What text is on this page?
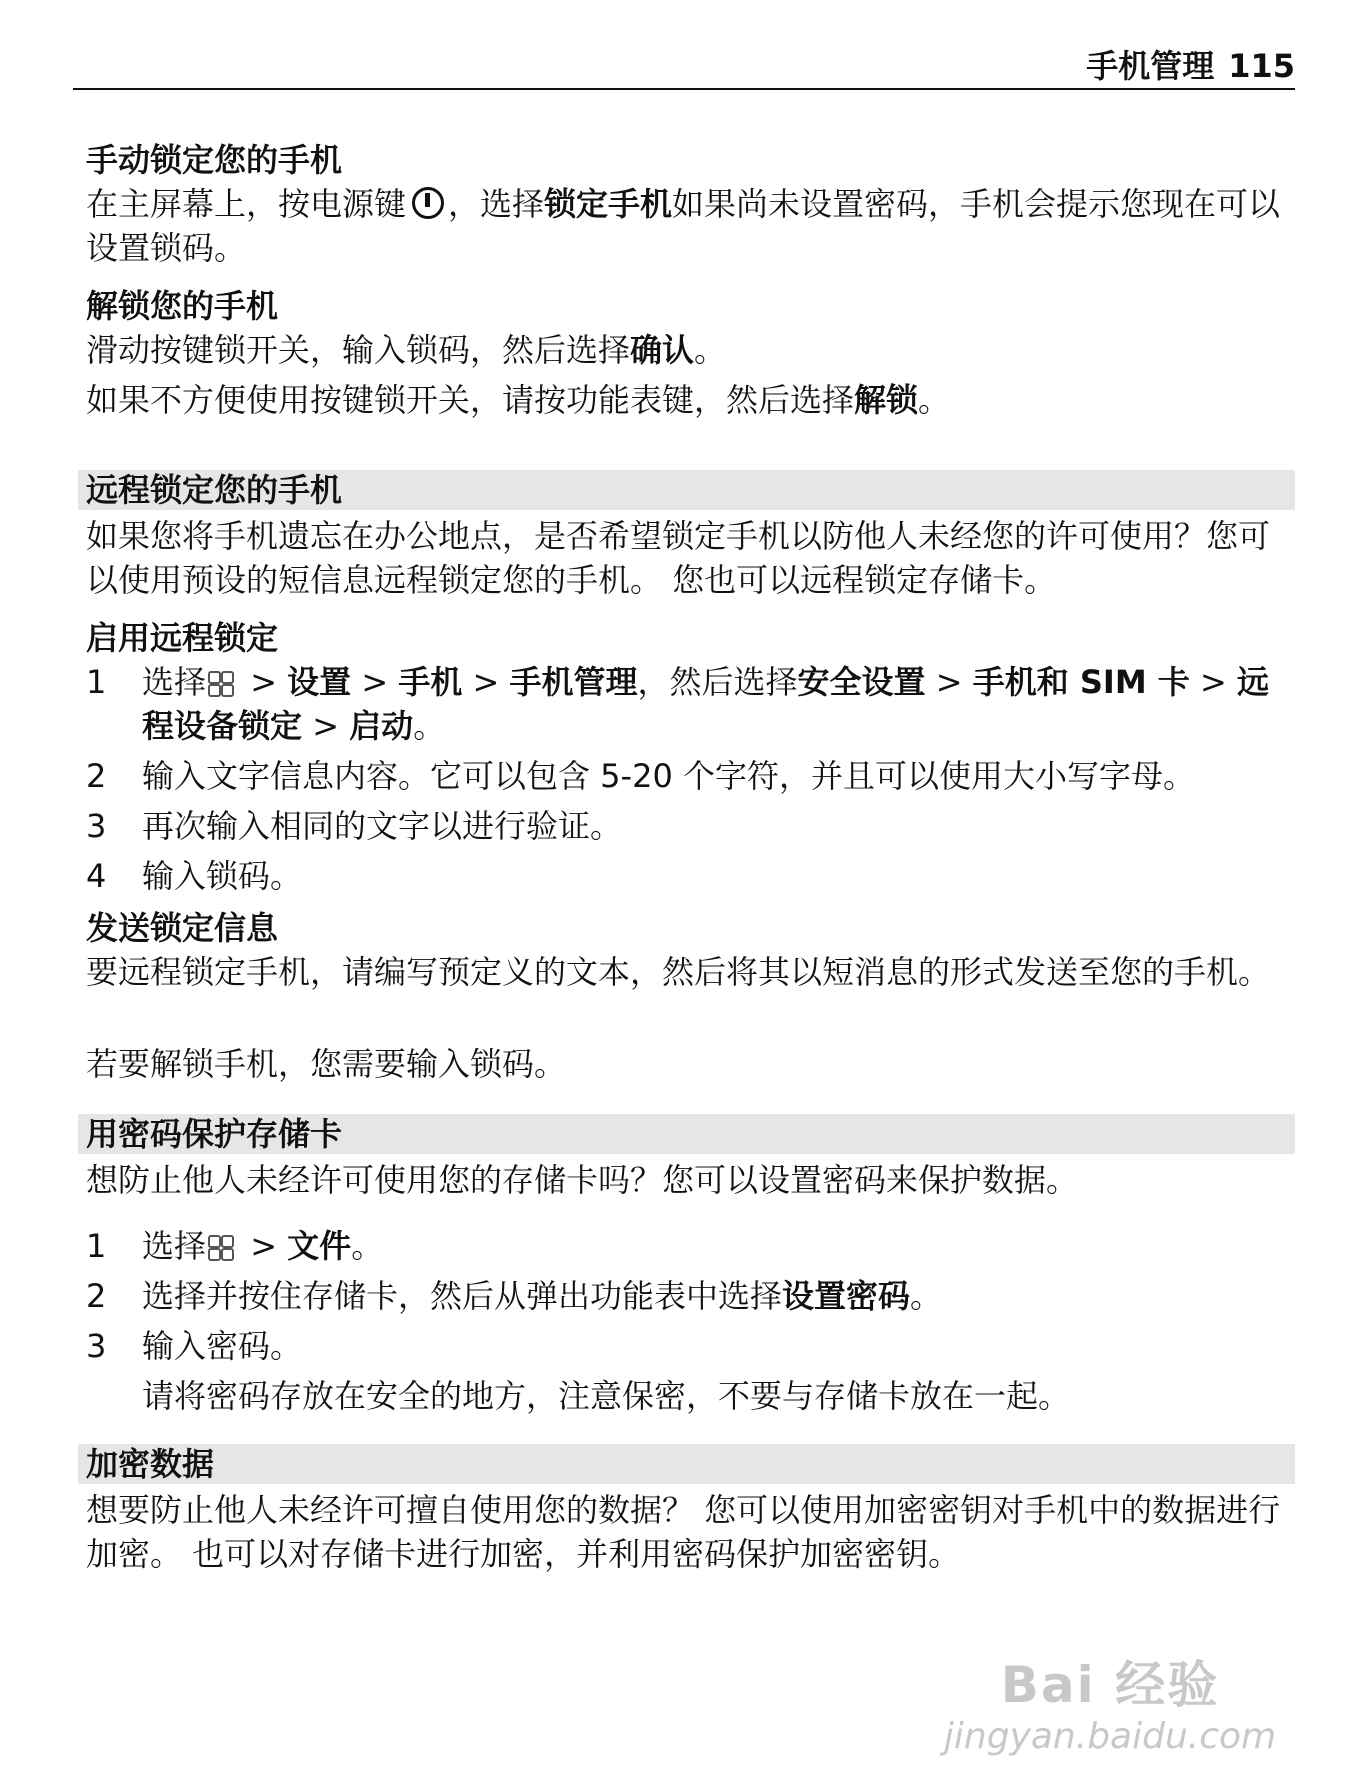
手机管理 115
手动锁定您的手机

在主屏幕上，按电源键 ，选择锁定手机如果尚未设置密码，手机会提示您现在可以设置锁码。

解锁您的手机

滑动按键锁开关，输入锁码，然后选择确认。

如果不方便使用按键锁开关，请按功能表键，然后选择解锁。

远程锁定您的手机

如果您将手机遗忘在办公地点，是否希望锁定手机以防他人未经您的许可使用？您可以使用预设的短信息远程锁定您的手机。 您也可以远程锁定存储卡。

启用远程锁定
1 选择
> 设置 > 手机 > 手机管理，然后选择安全设置 > 手机和 SIM 卡 > 远程设备锁定 > 启动。
2 输入文字信息内容。它可以包含 5-20 个字符，并且可以使用大小写字母。
3 再次输入相同的文字以进行验证。
4 输入锁码。
发送锁定信息

要远程锁定手机，请编写预定义的文本，然后将其以短消息的形式发送至您的手机。

若要解锁手机，您需要输入锁码。

用密码保护存储卡

想防止他人未经许可使用您的存储卡吗？您可以设置密码来保护数据。

1 选择
> 文件。
2 选择并按住存储卡，然后从弹出功能表中选择设置密码。
3 输入密码。

请将密码存放在安全的地方，注意保密，不要与存储卡放在一起。

加密数据

想要防止他人未经许可擅自使用您的数据？ 您可以使用加密密钥对手机中的数据进行加密。 也可以对存储卡进行加密，并利用密码保护加密密钥。

Bai 经验
jingyan.baidu.com
